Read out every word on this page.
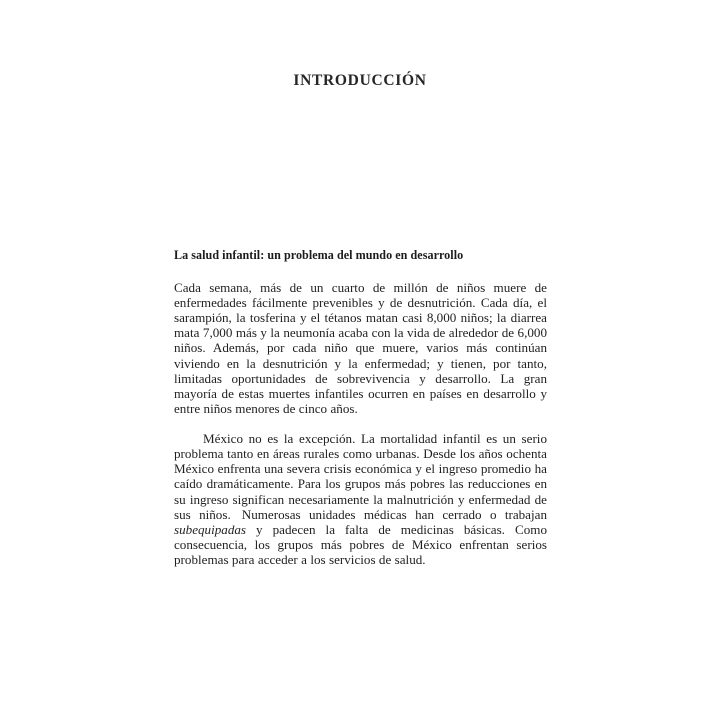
INTRODUCCIÓN
La salud infantil: un problema del mundo en desarrollo

Cada semana, más de un cuarto de millón de niños muere de enfermedades fácilmente prevenibles y de desnutrición. Cada día, el sarampión, la tosferina y el tétanos matan casi 8,000 niños; la diarrea mata 7,000 más y la neumonía acaba con la vida de alrededor de 6,000 niños. Además, por cada niño que muere, varios más continúan viviendo en la desnutrición y la enfermedad; y tienen, por tanto, limitadas oportunidades de sobrevivencia y desarrollo. La gran mayoría de estas muertes infantiles ocurren en países en desarrollo y entre niños menores de cinco años.

México no es la excepción. La mortalidad infantil es un serio problema tanto en áreas rurales como urbanas. Desde los años ochenta México enfrenta una severa crisis económica y el ingreso promedio ha caído dramáticamente. Para los grupos más pobres las reducciones en su ingreso significan necesariamente la malnutrición y enfermedad de sus niños. Numerosas unidades médicas han cerrado o trabajan subequipadas y padecen la falta de medicinas básicas. Como consecuencia, los grupos más pobres de México enfrentan serios problemas para acceder a los servicios de salud.
